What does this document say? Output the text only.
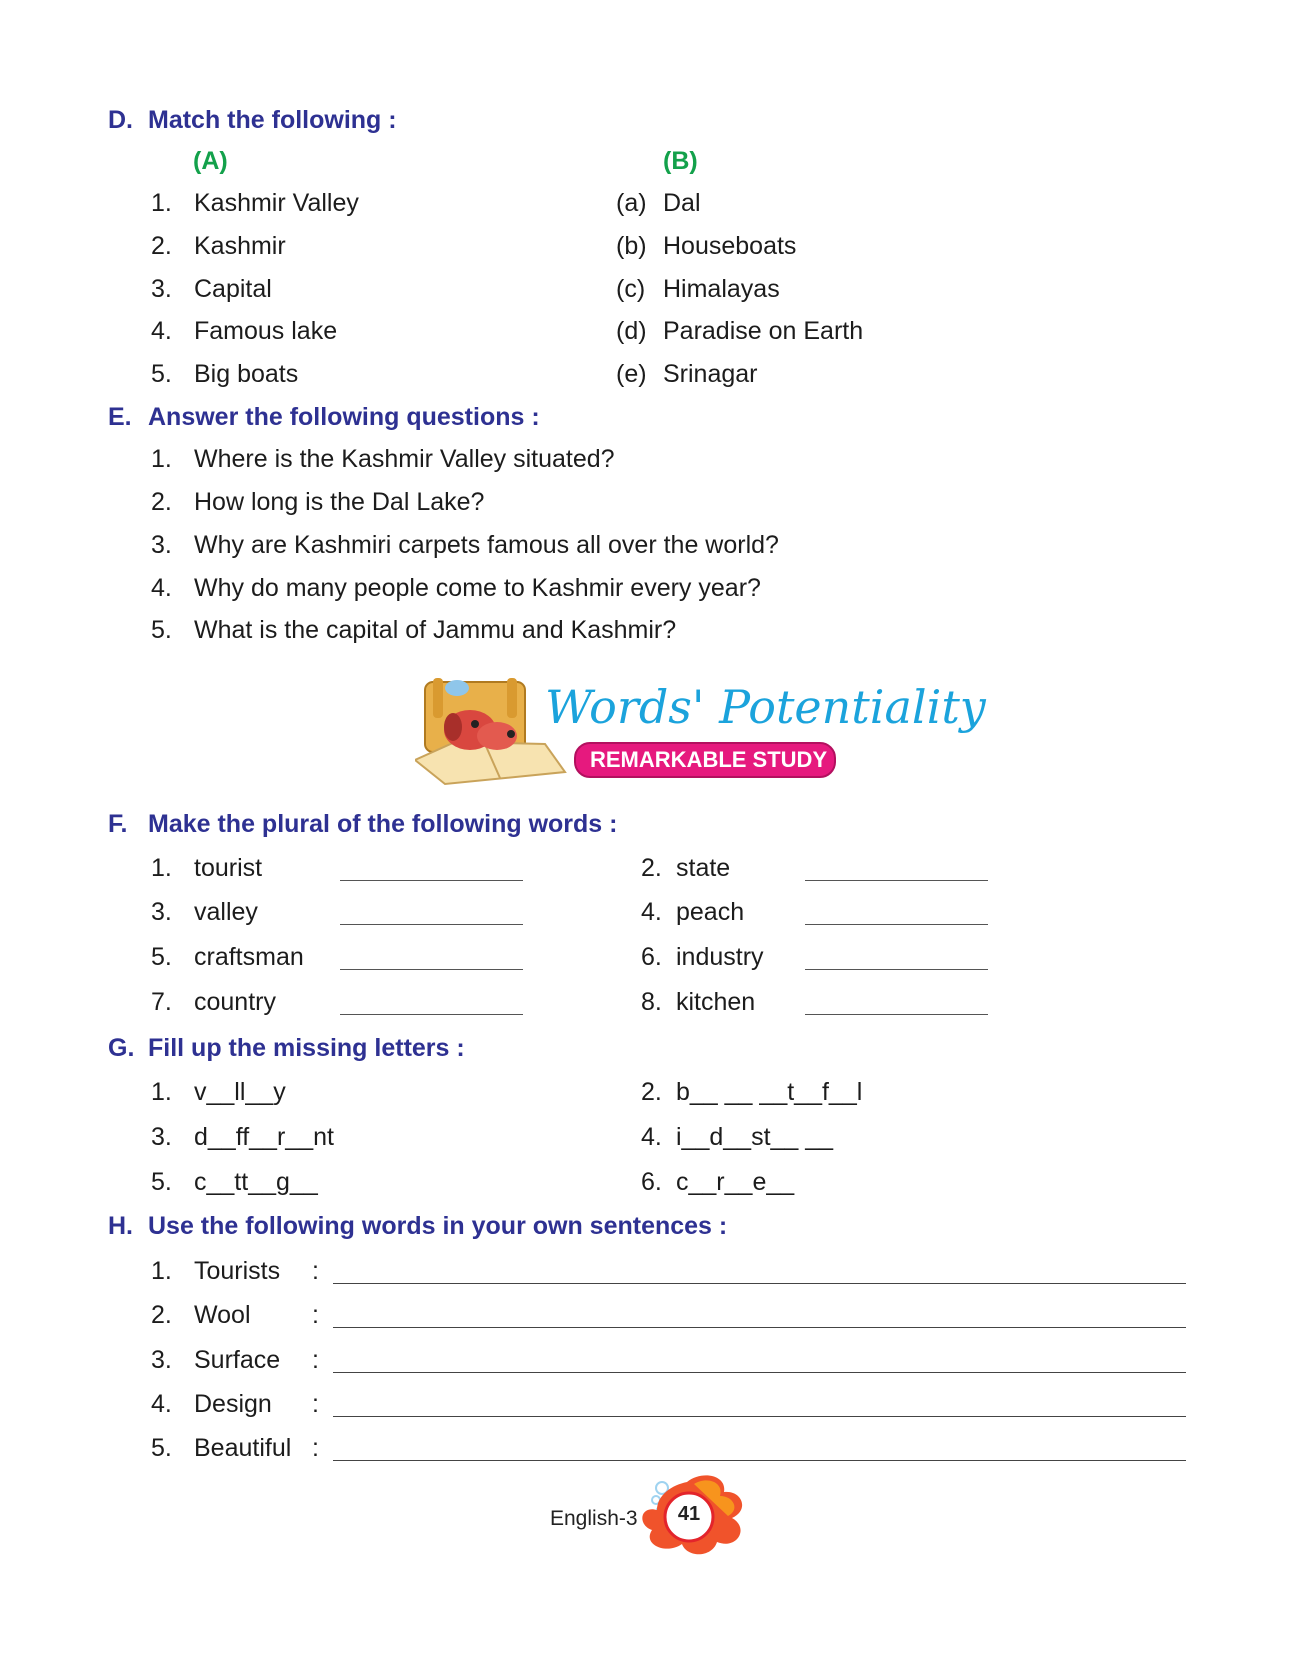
D. Match the following :
(A)	(B)
1. Kashmir Valley
2. Kashmir
3. Capital
4. Famous lake
5. Big boats
(a) Dal
(b) Houseboats
(c) Himalayas
(d) Paradise on Earth
(e) Srinagar
E. Answer the following questions :
1. Where is the Kashmir Valley situated?
2. How long is the Dal Lake?
3. Why are Kashmiri carpets famous all over the world?
4. Why do many people come to Kashmir every year?
5. What is the capital of Jammu and Kashmir?
Words' Potentiality
REMARKABLE STUDY
F. Make the plural of the following words :
1. tourist
3. valley
5. craftsman
7. country
2. state
4. peach
6. industry
8. kitchen
G. Fill up the missing letters :
1. v__ll__y
3. d__ff__r__nt
5. c__tt__g__
2. b__ __ __t__f__l
4. i__d__st__ __
6. c__r__e__
H. Use the following words in your own sentences :
1. Tourists
2. Wool
3. Surface
4. Design
5. Beautiful
:
:
:
:
:
English-3	41
